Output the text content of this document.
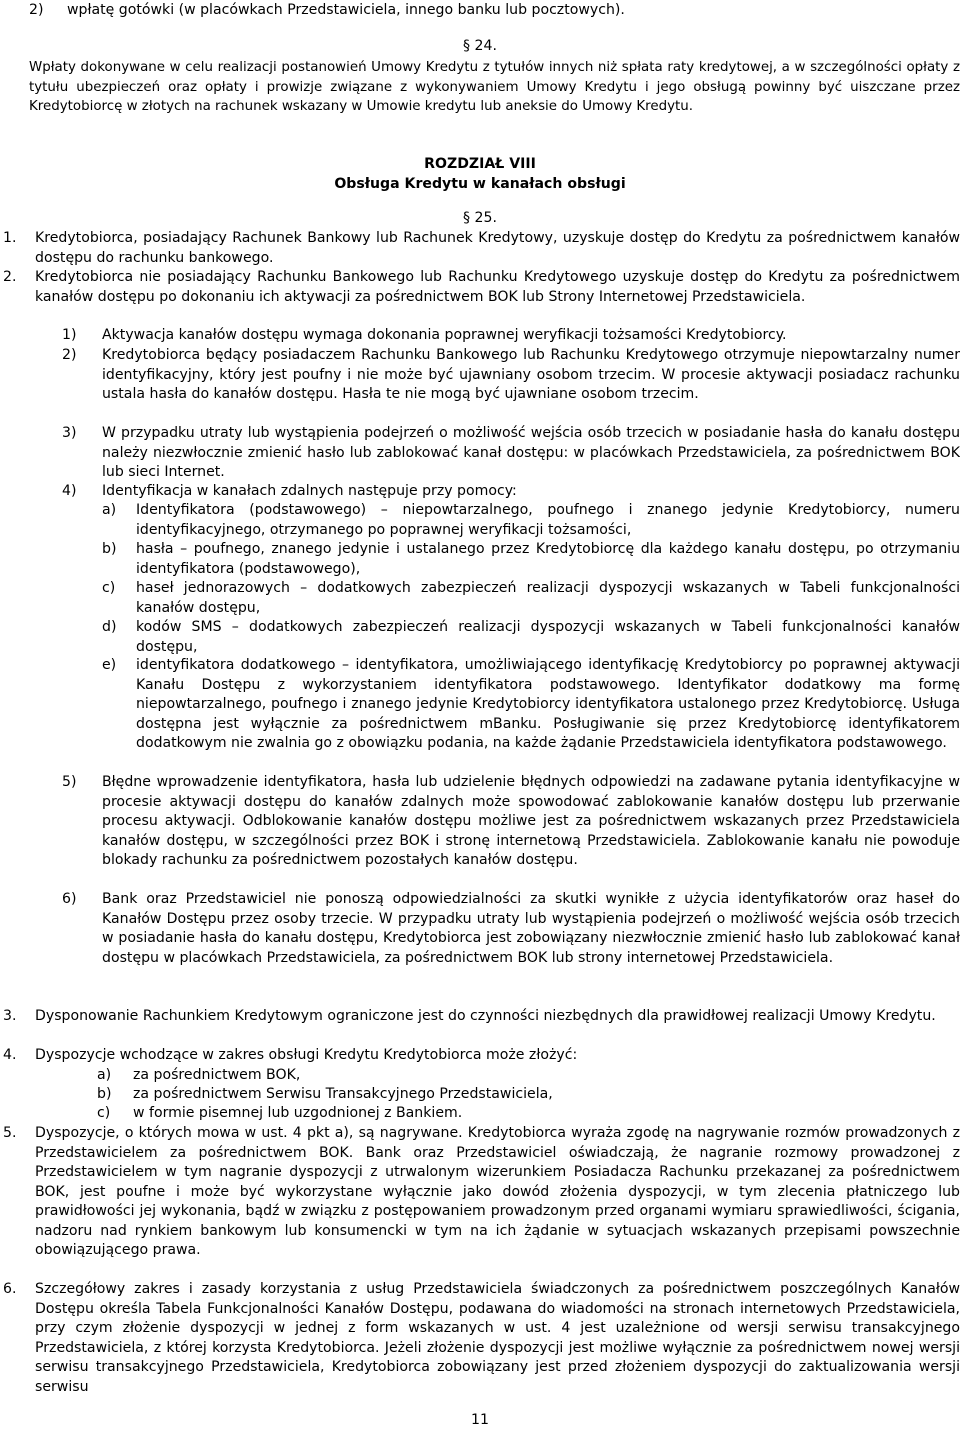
2) wpłatę gotówki (w placówkach Przedstawiciela, innego banku lub pocztowych).
§ 24.
Wpłaty dokonywane w celu realizacji postanowień Umowy Kredytu z tytułów innych niż spłata raty kredytowej, a w szczególności opłaty z tytułu ubezpieczeń oraz opłaty i prowizje związane z wykonywaniem Umowy Kredytu i jego obsługą powinny być uiszczane przez Kredytobiorcę w złotych na rachunek wskazany w Umowie kredytu lub aneksie do Umowy Kredytu.
ROZDZIAŁ VIII
Obsługa Kredytu w kanałach obsługi
§ 25.
1. Kredytobiorca, posiadający Rachunek Bankowy lub Rachunek Kredytowy, uzyskuje dostęp do Kredytu za pośrednictwem kanałów dostępu do rachunku bankowego.
2. Kredytobiorca nie posiadający Rachunku Bankowego lub Rachunku Kredytowego uzyskuje dostęp do Kredytu za pośrednictwem kanałów dostępu po dokonaniu ich aktywacji za pośrednictwem BOK lub Strony Internetowej Przedstawiciela.
1) Aktywacja kanałów dostępu wymaga dokonania poprawnej weryfikacji tożsamości Kredytobiorcy.
2) Kredytobiorca będący posiadaczem Rachunku Bankowego lub Rachunku Kredytowego otrzymuje niepowtarzalny numer identyfikacyjny, który jest poufny i nie może być ujawniany osobom trzecim. W procesie aktywacji posiadacz rachunku ustala hasła do kanałów dostępu. Hasła te nie mogą być ujawniane osobom trzecim.
3) W przypadku utraty lub wystąpienia podejrzeń o możliwość wejścia osób trzecich w posiadanie hasła do kanału dostępu należy niezwłocznie zmienić hasło lub zablokować kanał dostępu: w placówkach Przedstawiciela, za pośrednictwem BOK lub sieci Internet.
4) Identyfikacja w kanałach zdalnych następuje przy pomocy:
a) Identyfikatora (podstawowego) – niepowtarzalnego, poufnego i znanego jedynie Kredytobiorcy, numeru identyfikacyjnego, otrzymanego po poprawnej weryfikacji tożsamości,
b) hasła – poufnego, znanego jedynie i ustalanego przez Kredytobiorcę dla każdego kanału dostępu, po otrzymaniu identyfikatora (podstawowego),
c) haseł jednorazowych – dodatkowych zabezpieczeń realizacji dyspozycji wskazanych w Tabeli funkcjonalności kanałów dostępu,
d) kodów SMS – dodatkowych zabezpieczeń realizacji dyspozycji wskazanych w Tabeli funkcjonalności kanałów dostępu,
e) identyfikatora dodatkowego – identyfikatora, umożliwiającego identyfikację Kredytobiorcy po poprawnej aktywacji Kanału Dostępu z wykorzystaniem identyfikatora podstawowego. Identyfikator dodatkowy ma formę niepowtarzalnego, poufnego i znanego jedynie Kredytobiorcy identyfikatora ustalonego przez Kredytobiorcę. Usługa dostępna jest wyłącznie za pośrednictwem mBanku. Posługiwanie się przez Kredytobiorcę identyfikatorem dodatkowym nie zwalnia go z obowiązku podania, na każde żądanie Przedstawiciela identyfikatora podstawowego.
5) Błędne wprowadzenie identyfikatora, hasła lub udzielenie błędnych odpowiedzi na zadawane pytania identyfikacyjne w procesie aktywacji dostępu do kanałów zdalnych może spowodować zablokowanie kanałów dostępu lub przerwanie procesu aktywacji. Odblokowanie kanałów dostępu możliwe jest za pośrednictwem wskazanych przez Przedstawiciela kanałów dostępu, w szczególności przez BOK i stronę internetową Przedstawiciela. Zablokowanie kanału nie powoduje blokady rachunku za pośrednictwem pozostałych kanałów dostępu.
6) Bank oraz Przedstawiciel nie ponoszą odpowiedzialności za skutki wynikłe z użycia identyfikatorów oraz haseł do Kanałów Dostępu przez osoby trzecie. W przypadku utraty lub wystąpienia podejrzeń o możliwość wejścia osób trzecich w posiadanie hasła do kanału dostępu, Kredytobiorca jest zobowiązany niezwłocznie zmienić hasło lub zablokować kanał dostępu w placówkach Przedstawiciela, za pośrednictwem BOK lub strony internetowej Przedstawiciela.
3. Dysponowanie Rachunkiem Kredytowym ograniczone jest do czynności niezbędnych dla prawidłowej realizacji Umowy Kredytu.
4. Dyspozycje wchodzące w zakres obsługi Kredytu Kredytobiorca może złożyć:
a) za pośrednictwem BOK,
b) za pośrednictwem Serwisu Transakcyjnego Przedstawiciela,
c) w formie pisemnej lub uzgodnionej z Bankiem.
5. Dyspozycje, o których mowa w ust. 4 pkt a), są nagrywane. Kredytobiorca wyraża zgodę na nagrywanie rozmów prowadzonych z Przedstawicielem za pośrednictwem BOK. Bank oraz Przedstawiciel oświadczają, że nagranie rozmowy prowadzonej z Przedstawicielem w tym nagranie dyspozycji z utrwalonym wizerunkiem Posiadacza Rachunku przekazanej za pośrednictwem BOK, jest poufne i może być wykorzystane wyłącznie jako dowód złożenia dyspozycji, w tym zlecenia płatniczego lub prawidłowości jej wykonania, bądź w związku z postępowaniem prowadzonym przed organami wymiaru sprawiedliwości, ścigania, nadzoru nad rynkiem bankowym lub konsumencki w tym na ich żądanie w sytuacjach wskazanych przepisami powszechnie obowiązującego prawa.
6. Szczegółowy zakres i zasady korzystania z usług Przedstawiciela świadczonych za pośrednictwem poszczególnych Kanałów Dostępu określa Tabela Funkcjonalności Kanałów Dostępu, podawana do wiadomości na stronach internetowych Przedstawiciela, przy czym złożenie dyspozycji w jednej z form wskazanych w ust. 4 jest uzależnione od wersji serwisu transakcyjnego Przedstawiciela, z której korzysta Kredytobiorca. Jeżeli złożenie dyspozycji jest możliwe wyłącznie za pośrednictwem nowej wersji serwisu transakcyjnego Przedstawiciela, Kredytobiorca zobowiązany jest przed złożeniem dyspozycji do zaktualizowania wersji serwisu
11
